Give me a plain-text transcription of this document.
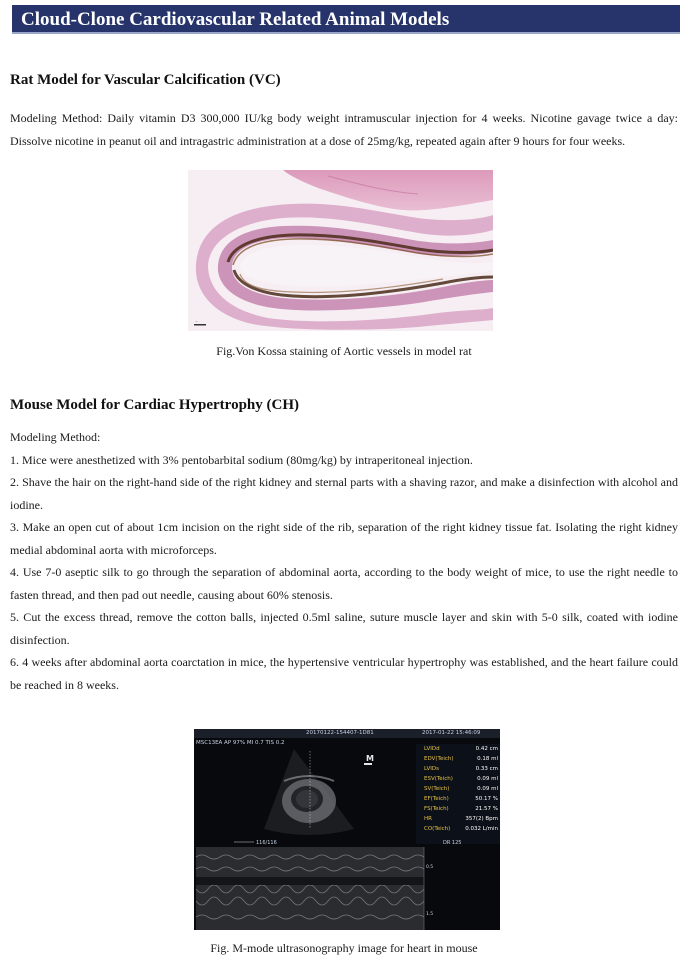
Cloud-Clone Cardiovascular Related Animal Models
Rat Model for Vascular Calcification (VC)
Modeling Method: Daily vitamin D3 300,000 IU/kg body weight intramuscular injection for 4 weeks. Nicotine gavage twice a day: Dissolve nicotine in peanut oil and intragastric administration at a dose of 25mg/kg, repeated again after 9 hours for four weeks.
—
Fig.Von Kossa staining of Aortic vessels in model rat
Mouse Model for Cardiac Hypertrophy (CH)

Modeling Method:

1. Mice were anesthetized with 3% pentobarbital sodium (80mg/kg) by intraperitoneal injection.

2. Shave the hair on the right-hand side of the right kidney and sternal parts with a shaving razor, and make a disinfection with alcohol and iodine.

3. Make an open cut of about 1cm incision on the right side of the rib, separation of the right kidney tissue fat. Isolating the right kidney medial abdominal aorta with microforceps.

4. Use 7-0 aseptic silk to go through the separation of abdominal aorta, according to the body weight of mice, to use the right needle to fasten thread, and then pad out needle, causing about 60% stenosis.

5. Cut the excess thread, remove the cotton balls, injected 0.5ml saline, suture muscle layer and skin with 5-0 silk, coated with iodine disinfection.

6. 4 weeks after abdominal aorta coarctation in mice, the hypertensive ventricular hypertrophy was established, and the heart failure could be reached in 8 weeks.

20170122-154407-1D81	2017-01-22 15:46:09
MSC13EA AP 97% MI 0.7 TIS 0.2
M
116/116
0.5
1.5
LVIDd	0.42 cm
EDV(Teich)	0.18 ml
LVIDs	0.33 cm
ESV(Teich)	0.09 ml
SV(Teich)	0.09 ml
EF(Teich)	50.17 %
FS(Teich)	21.57 %
HR	357(2) Bpm
CO(Teich)	0.032 L/min
DR 125
Fig. M-mode ultrasonography image for heart in mouse
